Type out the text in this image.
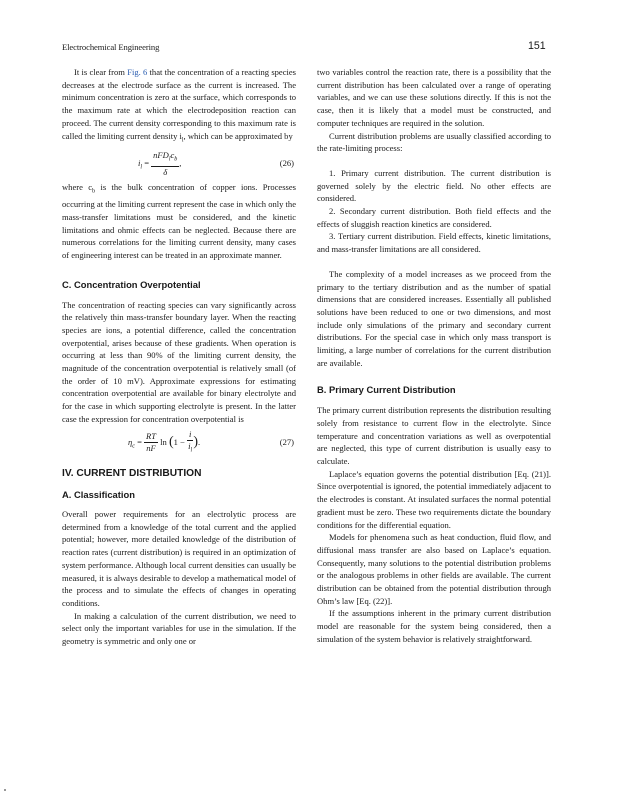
Electrochemical Engineering	151

It is clear from Fig. 6 that the concentration of a reacting species decreases at the electrode surface as the current is increased. The minimum concentration is zero at the surface, which corresponds to the maximum rate at which the electrodeposition reaction can proceed. The current density corresponding to this maximum rate is called the limiting current density $i_l$, which can be approximated by

$i_l = \frac{nFD_lc_b}{\delta}$ ,	(26)

where $c_b$ is the bulk concentration of copper ions. Processes occurring at the limiting current represent the case in which only the mass-transfer limitations must be considered, and the kinetic limitations and ohmic effects can be neglected. Because there are numerous correlations for the limiting current density, many cases of engineering interest can be treated in an approximate manner.

C. Concentration Overpotential

The concentration of reacting species can vary significantly across the relatively thin mass-transfer boundary layer. When the reacting species are ions, a potential difference, called the concentration overpotential, arises because of these gradients. When operation is occurring at less than 90% of the limiting current density, the magnitude of the concentration overpotential is relatively small (of the order of 10 mV). Approximate expressions for estimating concentration overpotential are available for binary electrolyte and for the case in which supporting electrolyte is present. In the latter case the expression for concentration overpotential is

$\eta_c = \frac{RT}{nF}$ $\ln (1 - \frac{i}{i_l}$ ).	(27)
IV. CURRENT DISTRIBUTION
A. Classification

Overall power requirements for an electrolytic process are determined from a knowledge of the total current and the applied potential; however, more detailed knowledge of the distribution of reaction rates (current distribution) is required in an optimization of system performance. Although local current densities can usually be measured, it is always desirable to develop a mathematical model of the process and to simulate the effects of changes in operating conditions.

In making a calculation of the current distribution, we need to select only the important variables for use in the simulation. If the geometry is symmetric and only one or

two variables control the reaction rate, there is a possibility that the current distribution has been calculated over a range of operating variables, and we can use these solutions directly. If this is not the case, then it is likely that a model must be constructed, and computer techniques are required in the solution.

Current distribution problems are usually classified according to the rate-limiting process:

1. Primary current distribution. The current distribution is governed solely by the electric field. No other effects are considered.

2. Secondary current distribution. Both field effects and the effects of sluggish reaction kinetics are considered.

3. Tertiary current distribution. Field effects, kinetic limitations, and mass-transfer limitations are all considered.

The complexity of a model increases as we proceed from the primary to the tertiary distribution and as the number of spatial dimensions that are considered increases. Essentially all published solutions have been reduced to one or two dimensions, and most include only simulations of the primary and secondary current distributions. For the special case in which only mass transport is limiting, a large number of correlations for the current distribution are available.

B. Primary Current Distribution

The primary current distribution represents the distribution resulting solely from resistance to current flow in the electrolyte. Since temperature and concentration variations as well as overpotential are neglected, this type of current distribution is usually easy to calculate.

Laplace’s equation governs the potential distribution [Eq. (21)]. Since overpotential is ignored, the potential immediately adjacent to the electrodes is constant. At insulated surfaces the normal potential gradient must be zero. These two requirements dictate the boundary conditions for the differential equation.

Models for phenomena such as heat conduction, fluid flow, and diffusional mass transfer are also based on Laplace’s equation. Consequently, many solutions to the potential distribution problems or the analogous problems in other fields are available. The current distribution can be obtained from the potential distribution through Ohm’s law [Eq. (22)].

If the assumptions inherent in the primary current distribution model are reasonable for the system being considered, then a simulation of the system behavior is relatively straightforward.
